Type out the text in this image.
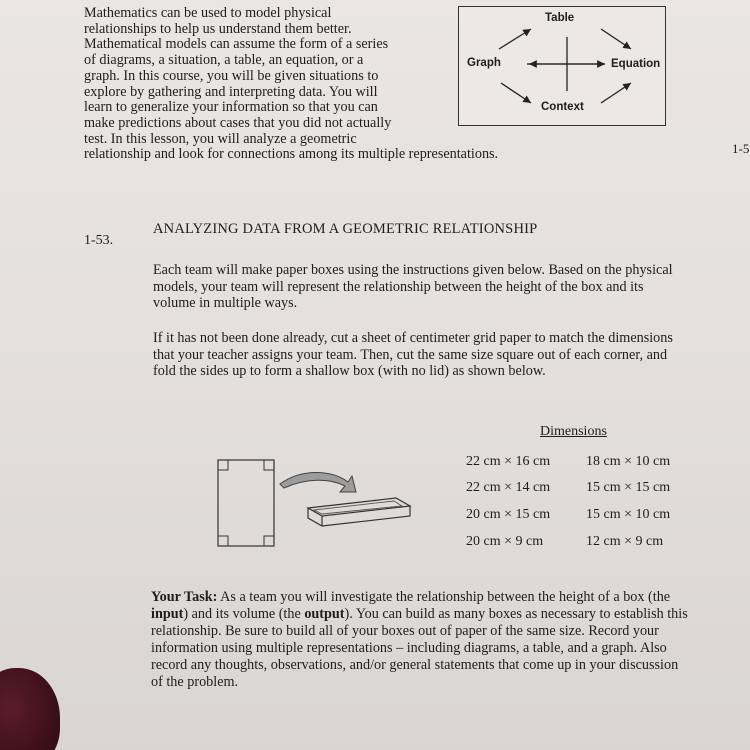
Mathematics can be used to model physical

relationships to help us understand them better.

Mathematical models can assume the form of a series

of diagrams, a situation, a table, an equation, or a

graph. In this course, you will be given situations to

explore by gathering and interpreting data. You will

learn to generalize your information so that you can

make predictions about cases that you did not actually

test. In this lesson, you will analyze a geometric

relationship and look for connections among its multiple representations.

Table
Graph	Equation
Context
1-5
1-53.
ANALYZING DATA FROM A GEOMETRIC RELATIONSHIP

Each team will make paper boxes using the instructions given below. Based on the physical models, your team will represent the relationship between the height of the box and its volume in multiple ways.

If it has not been done already, cut a sheet of centimeter grid paper to match the dimensions that your teacher assigns your team. Then, cut the same size square out of each corner, and fold the sides up to form a shallow box (with no lid) as shown below.

Dimensions
22 cm × 16 cm	18 cm × 10 cm
22 cm × 14 cm	15 cm × 15 cm
20 cm × 15 cm	15 cm × 10 cm
20 cm × 9 cm	12 cm × 9 cm

Your Task: As a team you will investigate the relationship between the height of a box (the input) and its volume (the output). You can build as many boxes as necessary to establish this relationship. Be sure to build all of your boxes out of paper of the same size. Record your information using multiple representations – including diagrams, a table, and a graph. Also record any thoughts, observations, and/or general statements that come up in your discussion of the problem.
